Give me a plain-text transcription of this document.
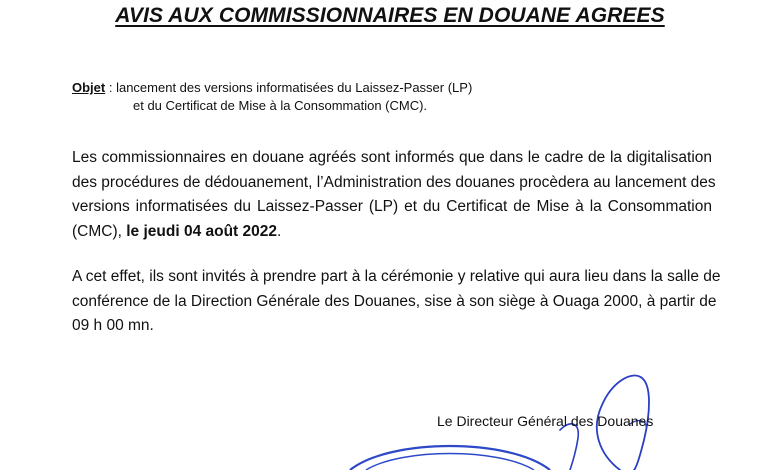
AVIS AUX COMMISSIONNAIRES EN DOUANE AGREES
Objet : lancement des versions informatisées du Laissez-Passer (LP)
et du Certificat de Mise à la Consommation (CMC).
Les commissionnaires en douane agréés sont informés que dans le cadre de la digitalisation
des procédures de dédouanement, l’Administration des douanes procèdera au lancement des
versions informatisées du Laissez-Passer (LP) et du Certificat de Mise à la Consommation
(CMC), le jeudi 04 août 2022.
A cet effet, ils sont invités à prendre part à la cérémonie y relative qui aura lieu dans la salle de
conférence de la Direction Générale des Douanes, sise à son siège à Ouaga 2000, à partir de
09 h 00 mn.
Le Directeur Général des Douanes
